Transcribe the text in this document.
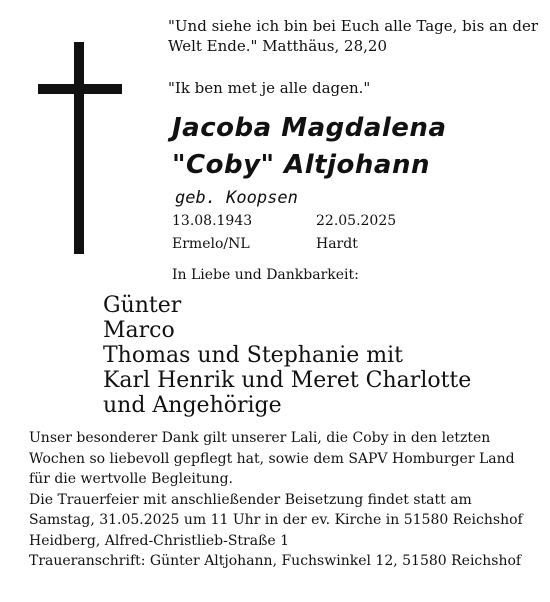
"Und siehe ich bin bei Euch alle Tage, bis an der
Welt Ende." Matthäus, 28,20
"Ik ben met je alle dagen."
Jacoba Magdalena
"Coby" Altjohann
geb. Koopsen
13.08.1943	22.05.2025
Ermelo/NL	Hardt
In Liebe und Dankbarkeit:
Günter
Marco
Thomas und Stephanie mit
Karl Henrik und Meret Charlotte
und Angehörige
Unser besonderer Dank gilt unserer Lali, die Coby in den letzten
Wochen so liebevoll gepflegt hat, sowie dem SAPV Homburger Land
für die wertvolle Begleitung.
Die Trauerfeier mit anschließender Beisetzung findet statt am
Samstag, 31.05.2025 um 11 Uhr in der ev. Kirche in 51580 Reichshof
Heidberg, Alfred-Christlieb-Straße 1
Traueranschrift: Günter Altjohann, Fuchswinkel 12, 51580 Reichshof
